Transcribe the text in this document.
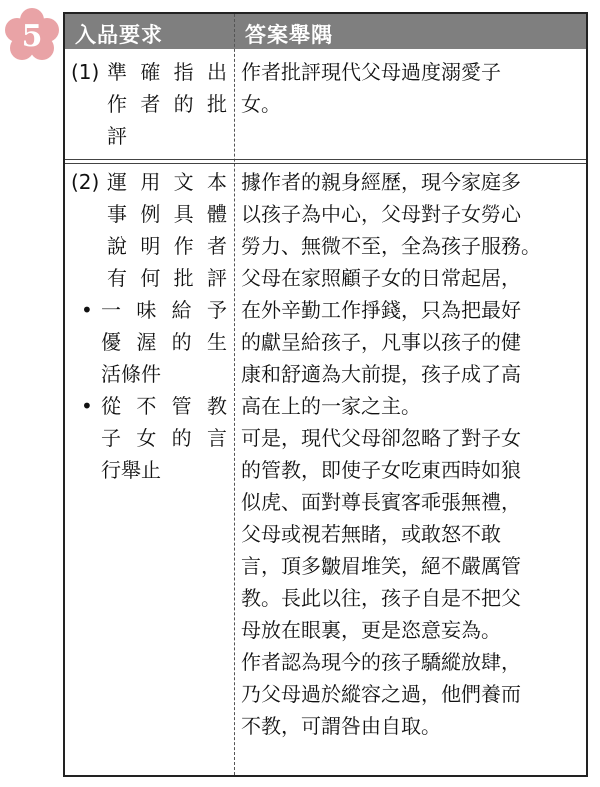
5 入品要求	答案舉隅
(1) 準確指出
作者的批
評
作者批評現代父母過度溺愛子
女。
(2) 運用文本
事例具體
說明作者
有何批評
• 一味給予
優渥的生
活條件
• 從不管教
子女的言
行舉止
據作者的親身經歷，現今家庭多
以孩子為中心，父母對子女勞心
勞力、無微不至，全為孩子服務。
父母在家照顧子女的日常起居，
在外辛勤工作掙錢，只為把最好
的獻呈給孩子，凡事以孩子的健
康和舒適為大前提，孩子成了高
高在上的一家之主。
可是，現代父母卻忽略了對子女
的管教，即使子女吃東西時如狼
似虎、面對尊長賓客乖張無禮，
父母或視若無睹，或敢怒不敢
言，頂多皺眉堆笑，絕不嚴厲管
教。長此以往，孩子自是不把父
母放在眼裏，更是恣意妄為。
作者認為現今的孩子驕縱放肆，
乃父母過於縱容之過，他們養而
不教，可謂咎由自取。
